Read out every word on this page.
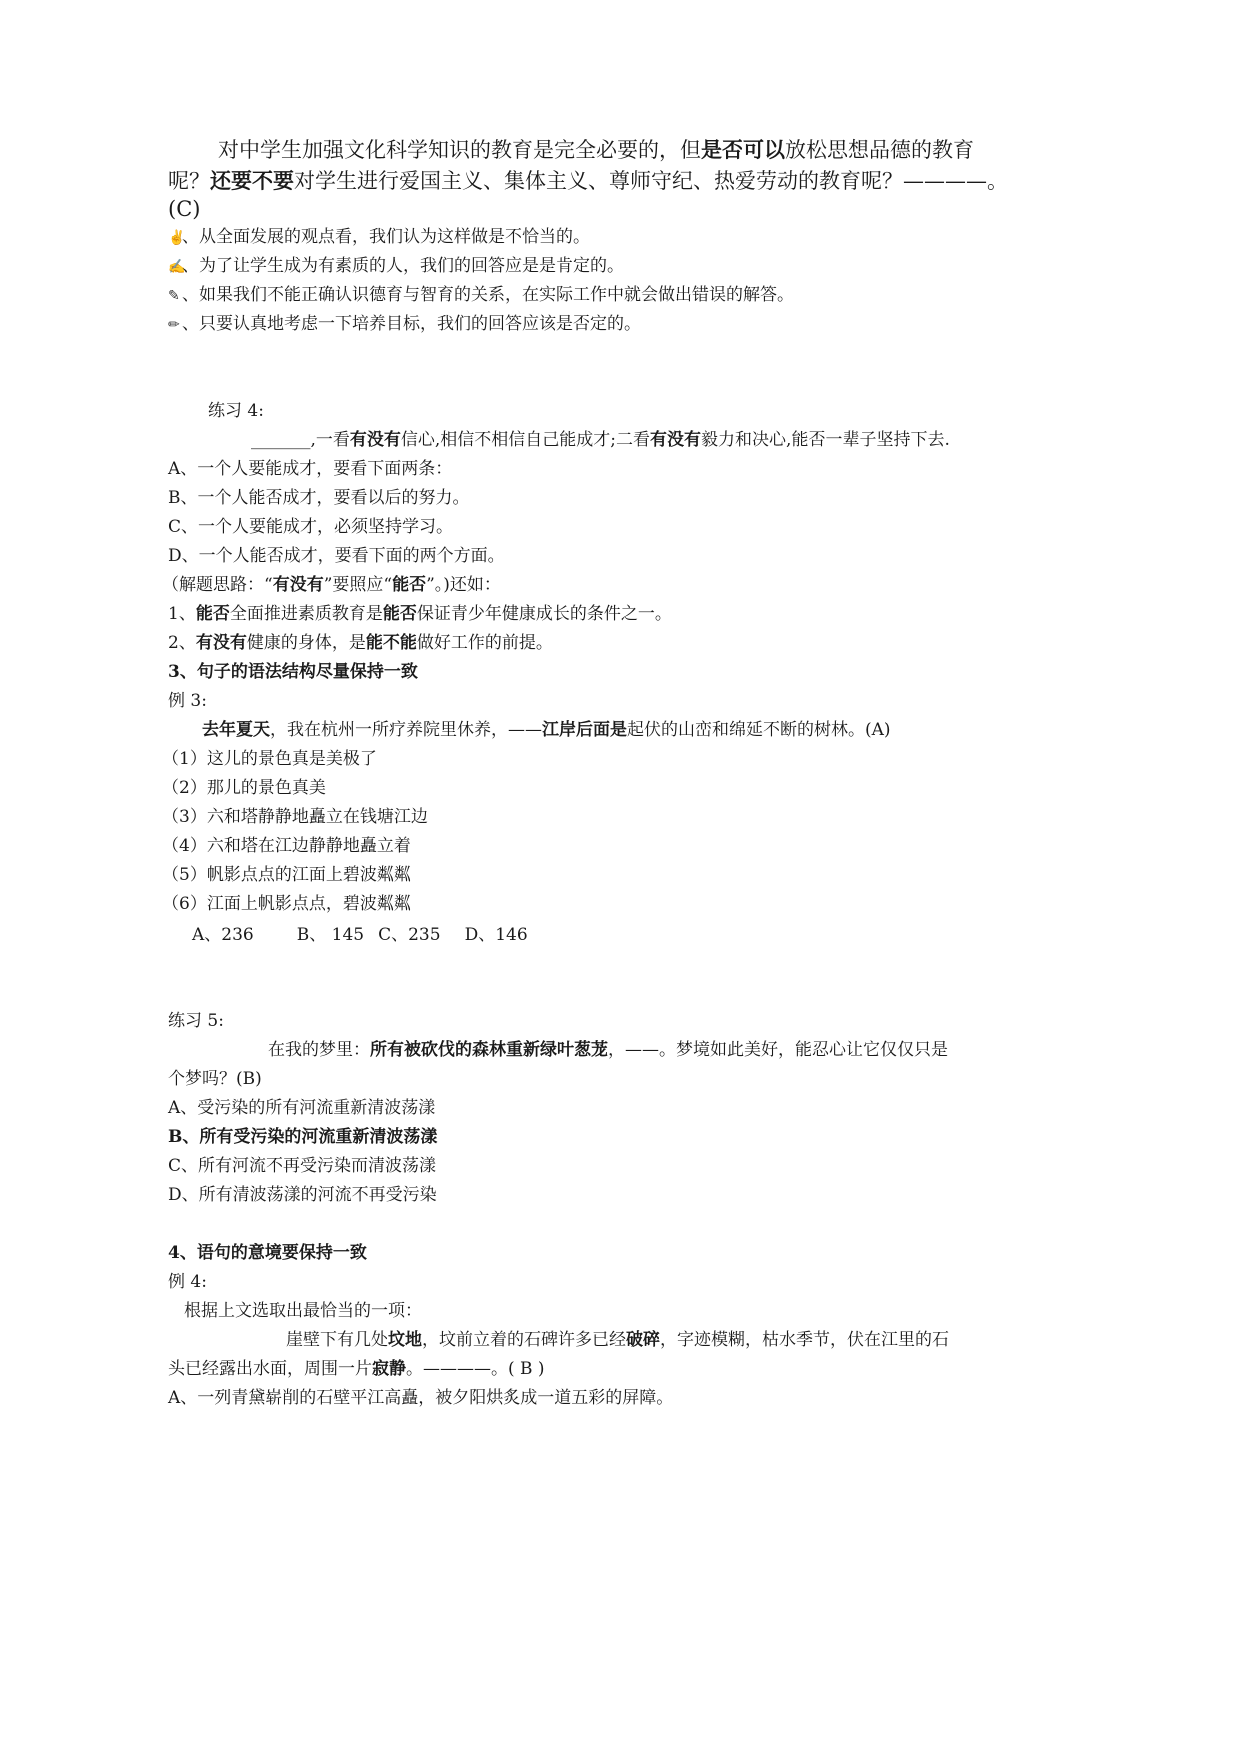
对中学生加强文化科学知识的教育是完全必要的，但是否可以放松思想品德的教育
呢？还要不要对学生进行爱国主义、集体主义、尊师守纪、热爱劳动的教育呢？————。
(C)
✌、从全面发展的观点看，我们认为这样做是不恰当的。
✍、为了让学生成为有素质的人，我们的回答应是是肯定的。
✎ 、如果我们不能正确认识德育与智育的关系，在实际工作中就会做出错误的解答。
✏ 、只要认真地考虑一下培养目标，我们的回答应该是否定的。
练习 4:
_______,一看有没有信心,相信不相信自己能成才;二看有没有毅力和决心,能否一辈子坚持下去.
A、一个人要能成才，要看下面两条：
B、一个人能否成才，要看以后的努力。
C、一个人要能成才，必须坚持学习。
D、一个人能否成才，要看下面的两个方面。
（解题思路：“有没有”要照应“能否”。)还如：
1、能否全面推进素质教育是能否保证青少年健康成长的条件之一。
2、有没有健康的身体，是能不能做好工作的前提。
3、句子的语法结构尽量保持一致
例 3:
去年夏天，我在杭州一所疗养院里休养，——江岸后面是起伏的山峦和绵延不断的树林。(A)
（1）这儿的景色真是美极了
（2）那儿的景色真美
（3）六和塔静静地矗立在钱塘江边
（4）六和塔在江边静静地矗立着
（5）帆影点点的江面上碧波粼粼
（6）江面上帆影点点，碧波粼粼
A、236	B、 145 C、235 D、146
练习 5:
在我的梦里：所有被砍伐的森林重新绿叶葱茏，——。梦境如此美好，能忍心让它仅仅只是
个梦吗？(B)
A、受污染的所有河流重新清波荡漾
B、所有受污染的河流重新清波荡漾
C、所有河流不再受污染而清波荡漾
D、所有清波荡漾的河流不再受污染
4、语句的意境要保持一致
例 4:
根据上文选取出最恰当的一项：
崖壁下有几处坟地，坟前立着的石碑许多已经破碎，字迹模糊，枯水季节，伏在江里的石
头已经露出水面，周围一片寂静。————。( B )
A、一列青黛崭削的石壁平江高矗，被夕阳烘炙成一道五彩的屏障。
